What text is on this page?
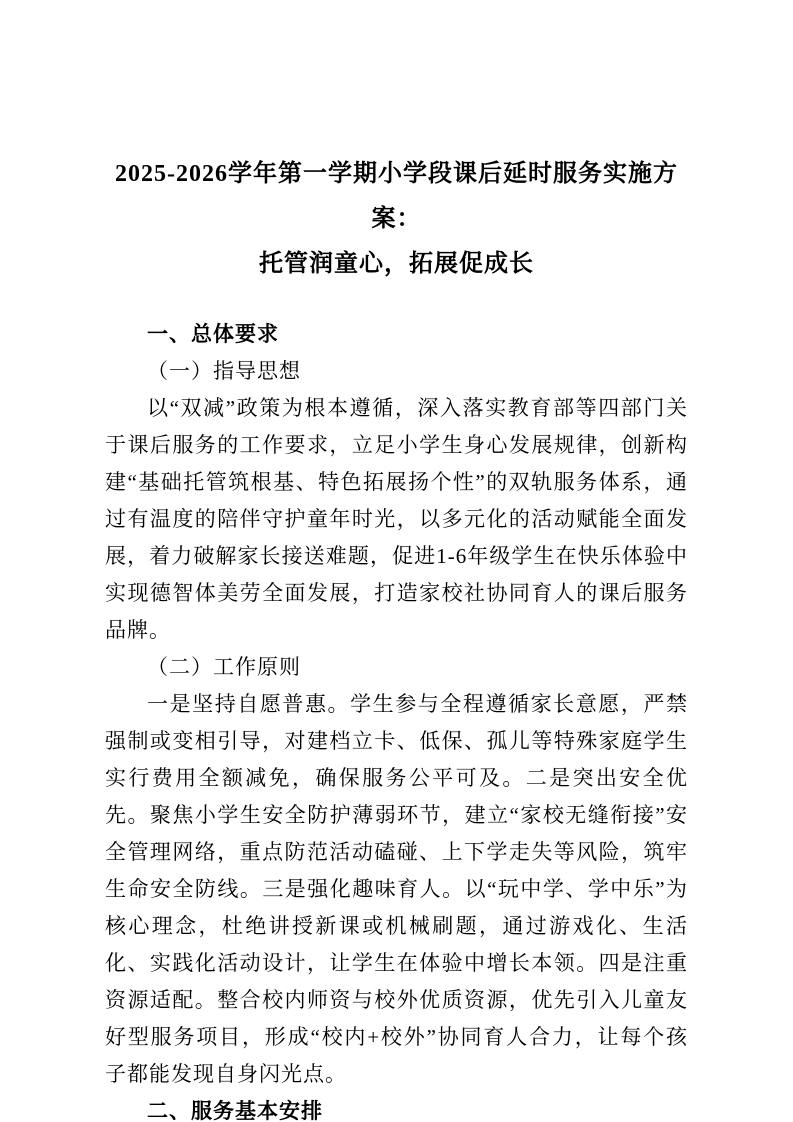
2025-2026学年第一学期小学段课后延时服务实施方案：
托管润童心，拓展促成长
一、总体要求
（一）指导思想

以“双减”政策为根本遵循，深入落实教育部等四部门关于课后服务的工作要求，立足小学生身心发展规律，创新构建“基础托管筑根基、特色拓展扬个性”的双轨服务体系，通过有温度的陪伴守护童年时光，以多元化的活动赋能全面发展，着力破解家长接送难题，促进1-6年级学生在快乐体验中实现德智体美劳全面发展，打造家校社协同育人的课后服务品牌。

（二）工作原则

一是坚持自愿普惠。学生参与全程遵循家长意愿，严禁强制或变相引导，对建档立卡、低保、孤儿等特殊家庭学生实行费用全额减免，确保服务公平可及。二是突出安全优先。聚焦小学生安全防护薄弱环节，建立“家校无缝衔接”安全管理网络，重点防范活动磕碰、上下学走失等风险，筑牢生命安全防线。三是强化趣味育人。以“玩中学、学中乐”为核心理念，杜绝讲授新课或机械刷题，通过游戏化、生活化、实践化活动设计，让学生在体验中增长本领。四是注重资源适配。整合校内师资与校外优质资源，优先引入儿童友好型服务项目，形成“校内+校外”协同育人合力，让每个孩子都能发现自身闪光点。

二、服务基本安排
